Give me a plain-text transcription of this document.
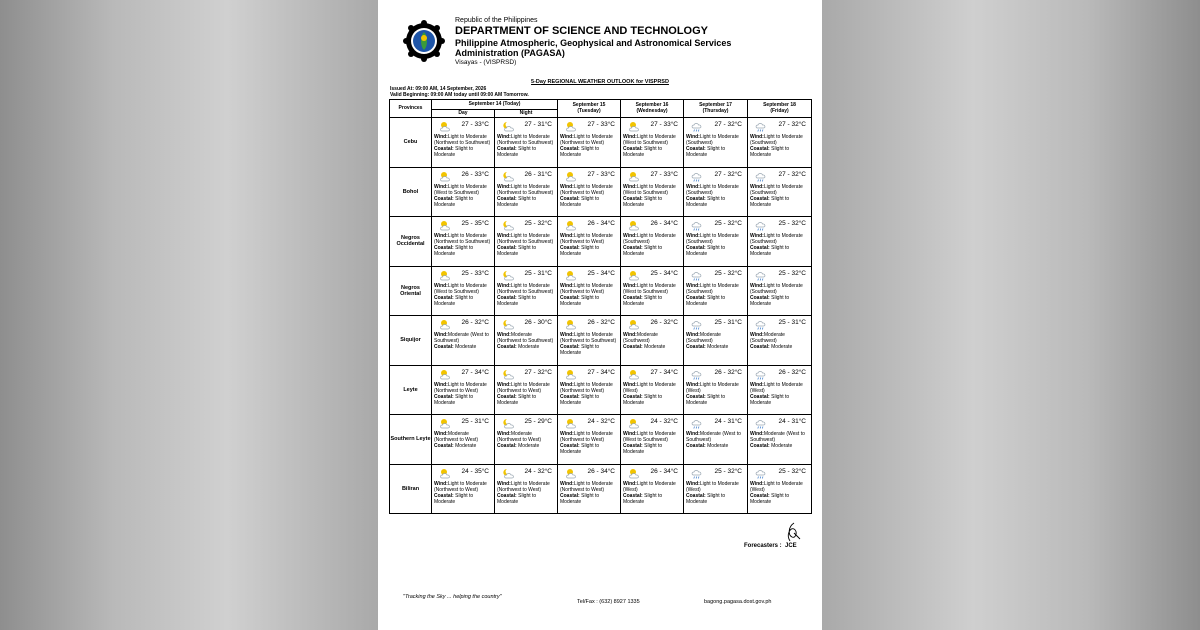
Republic of the Philippines
DEPARTMENT OF SCIENCE AND TECHNOLOGY
Philippine Atmospheric, Geophysical and Astronomical Services
Administration (PAGASA)
Visayas - (VISPRSD)
5-Day REGIONAL WEATHER OUTLOOK for VISPRSD
Issued At: 09:00 AM, 14 September, 2026
Valid Beginning: 09:00 AM today until 09:00 AM Tomorrow.
Provinces	September 14 (Today)		September 15
(Tuesday)	September 16
(Wednesday)	September 17
(Thursday)	September 18
(Friday)
	Day	Night				
Cebu	27 - 33°C
Wind:Light to Moderate (Northwest to Southwest)
Coastal: Slight to Moderate	27 - 31°C
Wind:Light to Moderate (Northwest to Southwest)
Coastal: Slight to Moderate	27 - 33°C
Wind:Light to Moderate (Northwest to West)
Coastal: Slight to Moderate	27 - 33°C
Wind:Light to Moderate (West to Southwest)
Coastal: Slight to Moderate	27 - 32°C
Wind:Light to Moderate (Southwest)
Coastal: Slight to Moderate	27 - 32°C
Wind:Light to Moderate (Southwest)
Coastal: Slight to Moderate

Bohol	26 - 33°C
Wind:Light to Moderate (West to Southwest)
Coastal: Slight to Moderate	26 - 31°C
Wind:Light to Moderate (Northwest to Southwest)
Coastal: Slight to Moderate	27 - 33°C
Wind:Light to Moderate (Northwest to West)
Coastal: Slight to Moderate	27 - 33°C
Wind:Light to Moderate (West to Southwest)
Coastal: Slight to Moderate	27 - 32°C
Wind:Light to Moderate (Southwest)
Coastal: Slight to Moderate	27 - 32°C
Wind:Light to Moderate (Southwest)
Coastal: Slight to Moderate

Negros Occidental	25 - 35°C
Wind:Light to Moderate (Northwest to Southwest)
Coastal: Slight to Moderate	25 - 32°C
Wind:Light to Moderate (Northwest to Southwest)
Coastal: Slight to Moderate	26 - 34°C
Wind:Light to Moderate (Northwest to West)
Coastal: Slight to Moderate	26 - 34°C
Wind:Light to Moderate (Southwest)
Coastal: Slight to Moderate	25 - 32°C
Wind:Light to Moderate (Southwest)
Coastal: Slight to Moderate	25 - 32°C
Wind:Light to Moderate (Southwest)
Coastal: Slight to Moderate

Negros Oriental	25 - 33°C
Wind:Light to Moderate (West to Southwest)
Coastal: Slight to Moderate	25 - 31°C
Wind:Light to Moderate (Northwest to Southwest)
Coastal: Slight to Moderate	25 - 34°C
Wind:Light to Moderate (Northwest to West)
Coastal: Slight to Moderate	25 - 34°C
Wind:Light to Moderate (West to Southwest)
Coastal: Slight to Moderate	25 - 32°C
Wind:Light to Moderate (Southwest)
Coastal: Slight to Moderate	25 - 32°C
Wind:Light to Moderate (Southwest)
Coastal: Slight to Moderate

Siquijor	26 - 32°C
Wind:Moderate (West to Southwest)
Coastal: Moderate	26 - 30°C
Wind:Moderate (Northwest to Southwest)
Coastal: Moderate	26 - 32°C
Wind:Light to Moderate (Northwest to Southwest)
Coastal: Slight to Moderate	26 - 32°C
Wind:Moderate (Southwest)
Coastal: Moderate	25 - 31°C
Wind:Moderate (Southwest)
Coastal: Moderate	25 - 31°C
Wind:Moderate (Southwest)
Coastal: Moderate

Leyte	27 - 34°C
Wind:Light to Moderate (Northwest to West)
Coastal: Slight to Moderate	27 - 32°C
Wind:Light to Moderate (Northwest to West)
Coastal: Slight to Moderate	27 - 34°C
Wind:Light to Moderate (Northwest to West)
Coastal: Slight to Moderate	27 - 34°C
Wind:Light to Moderate (West)
Coastal: Slight to Moderate	26 - 32°C
Wind:Light to Moderate (West)
Coastal: Slight to Moderate	26 - 32°C
Wind:Light to Moderate (West)
Coastal: Slight to Moderate

Southern Leyte	25 - 31°C
Wind:Moderate (Northwest to West)
Coastal: Moderate	25 - 29°C
Wind:Moderate (Northwest to West)
Coastal: Moderate	24 - 32°C
Wind:Light to Moderate (Northwest to West)
Coastal: Slight to Moderate	24 - 32°C
Wind:Light to Moderate (West to Southwest)
Coastal: Slight to Moderate	24 - 31°C
Wind:Moderate (West to Southwest)
Coastal: Moderate	24 - 31°C
Wind:Moderate (West to Southwest)
Coastal: Moderate

Biliran	24 - 35°C
Wind:Light to Moderate (Northwest to West)
Coastal: Slight to Moderate	24 - 32°C
Wind:Light to Moderate (Northwest to West)
Coastal: Slight to Moderate	26 - 34°C
Wind:Light to Moderate (Northwest to West)
Coastal: Slight to Moderate	26 - 34°C
Wind:Light to Moderate (West)
Coastal: Slight to Moderate	25 - 32°C
Wind:Light to Moderate (West)
Coastal: Slight to Moderate	25 - 32°C
Wind:Light to Moderate (West)
Coastal: Slight to Moderate
Forecasters : JCE
"Tracking the Sky ... helping the country"
Tel/Fax : (632) 8927 1335	bagong.pagasa.dost.gov.ph
